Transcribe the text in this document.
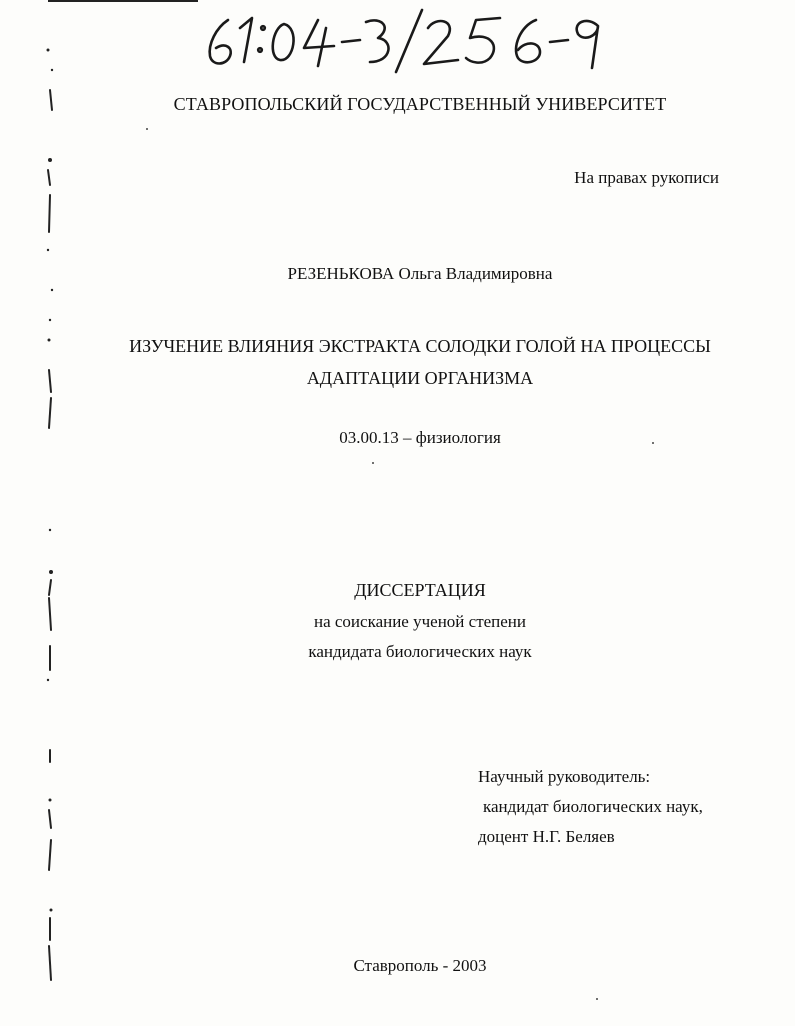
СТАВРОПОЛЬСКИЙ ГОСУДАРСТВЕННЫЙ УНИВЕРСИТЕТ
На правах рукописи
РЕЗЕНЬКОВА Ольга Владимировна
ИЗУЧЕНИЕ ВЛИЯНИЯ ЭКСТРАКТА СОЛОДКИ ГОЛОЙ НА ПРОЦЕССЫ
АДАПТАЦИИ ОРГАНИЗМА
03.00.13 – физиология
ДИССЕРТАЦИЯ
на соискание ученой степени
кандидата биологических наук
Научный руководитель:
кандидат биологических наук,
доцент Н.Г. Беляев
Ставрополь - 2003
